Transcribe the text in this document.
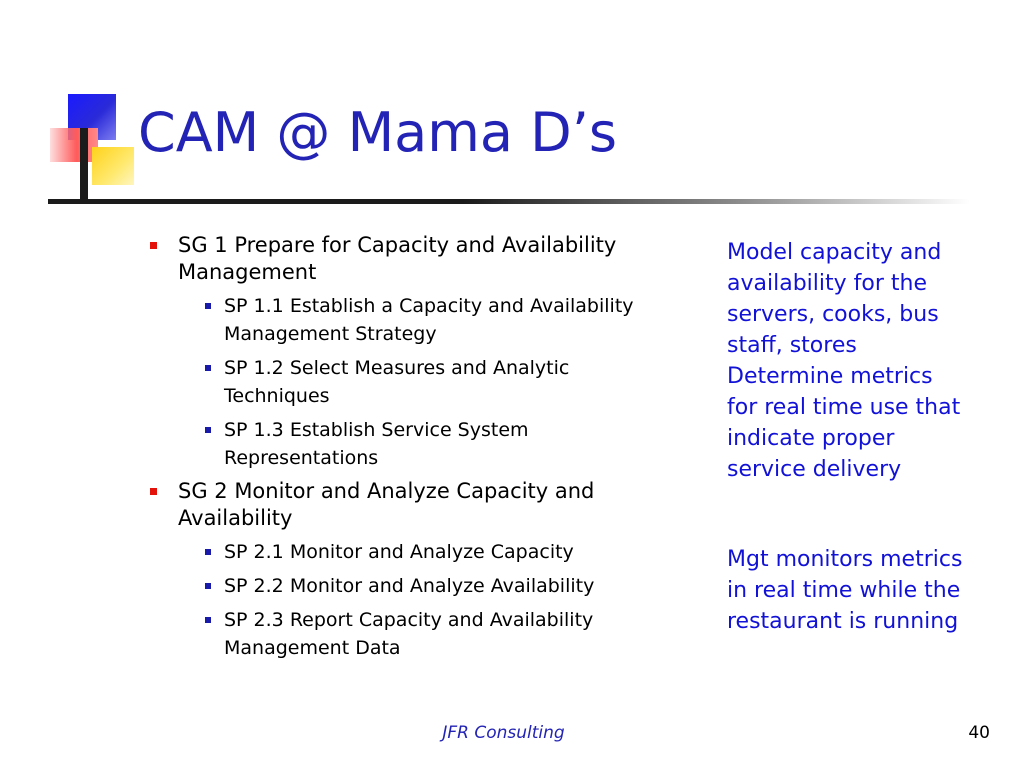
CAM @ Mama D’s
SG 1 Prepare for Capacity and Availability Management
SP 1.1 Establish a Capacity and Availability Management Strategy
SP 1.2 Select Measures and Analytic Techniques
SP 1.3 Establish Service System Representations
SG 2 Monitor and Analyze Capacity and Availability
SP 2.1 Monitor and Analyze Capacity
SP 2.2 Monitor and Analyze Availability
SP 2.3 Report Capacity and Availability Management Data
Model capacity and
availability for the
servers, cooks, bus
staff, stores
Determine metrics
for real time use that
indicate proper
service delivery
Mgt monitors metrics
in real time while the
restaurant is running
JFR Consulting	40
